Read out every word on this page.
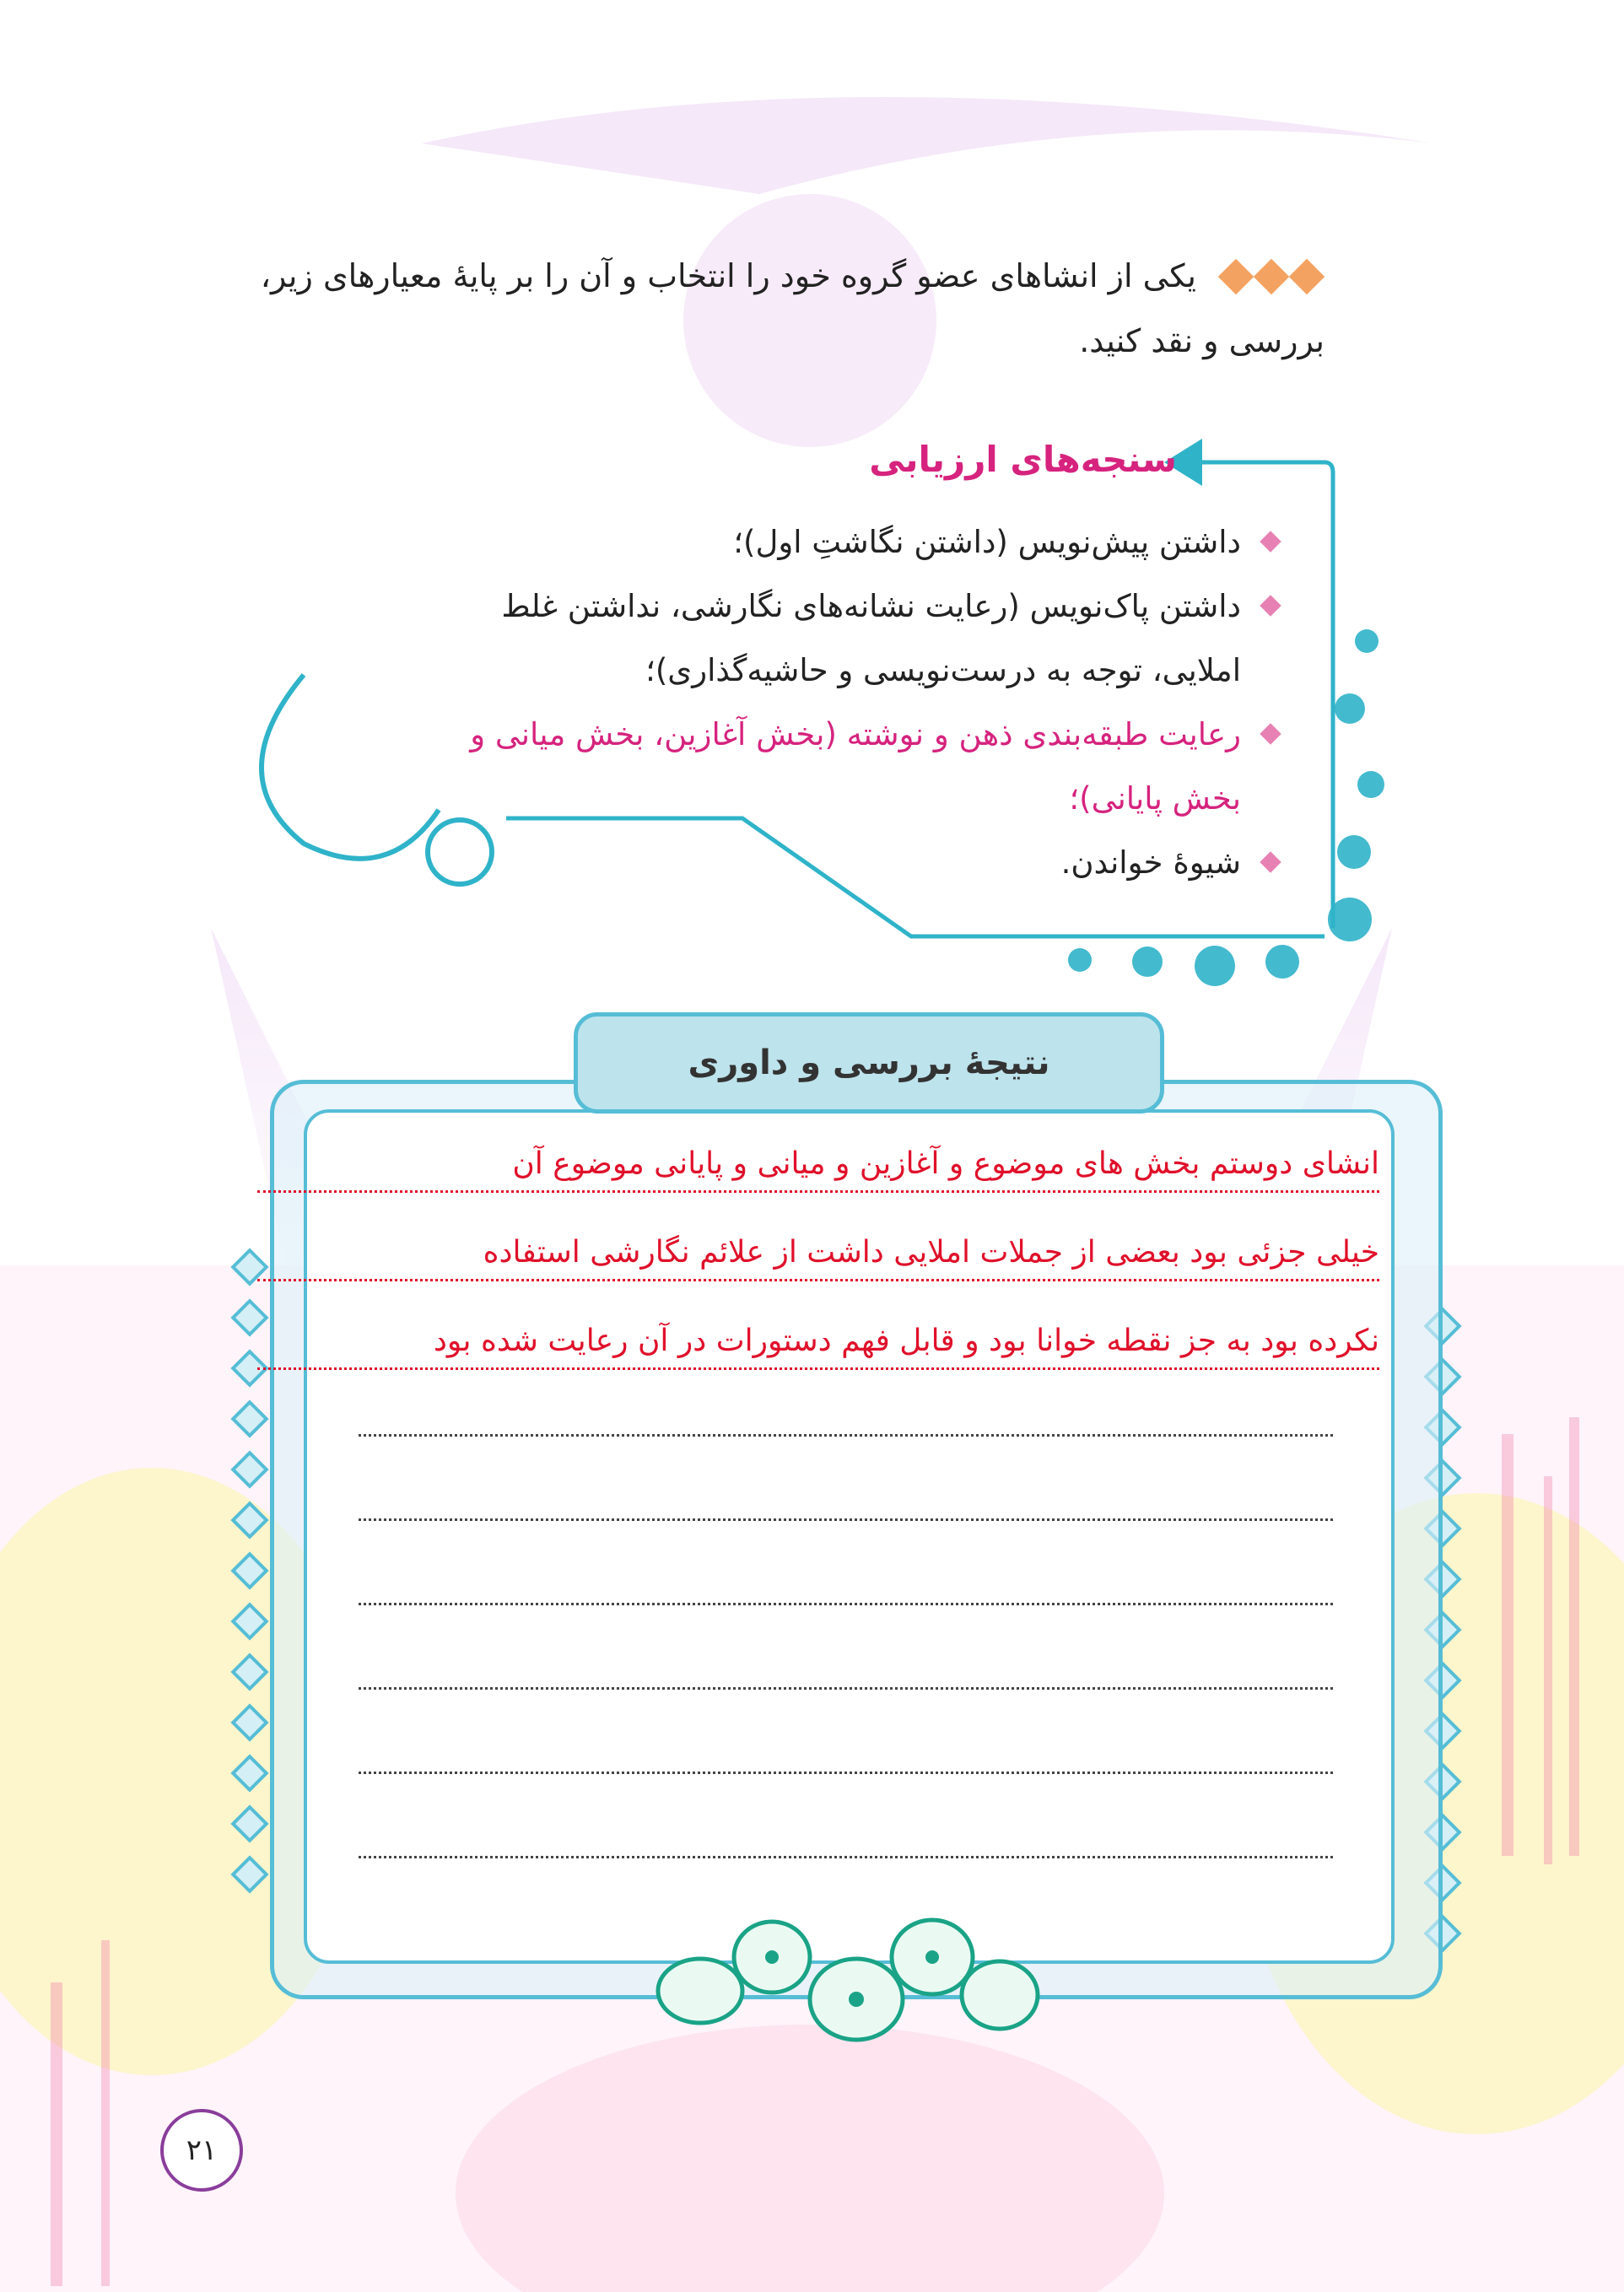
یکی از انشاهای عضو گروه خود را انتخاب و آن را بر پایهٔ معیارهای زیر، بررسی و نقد کنید.
سنجه‌های ارزیابی
داشتن پیش‌نویس (داشتن نگاشتِ اول)؛
داشتن پاک‌نویس (رعایت نشانه‌های نگارشی، نداشتن غلط املایی، توجه به درست‌نویسی و حاشیه‌گذاری)؛
رعایت طبقه‌بندی ذهن و نوشته (بخش آغازین، بخش میانی و بخش پایانی)؛
شیوهٔ خواندن.
نتیجهٔ بررسی و داوری
انشای دوستم بخش های موضوع و آغازین و میانی و پایانی موضوع آن
خیلی جزئی بود بعضی از جملات املایی داشت از علائم نگارشی استفاده
نکرده بود به جز نقطه خوانا بود و قابل فهم دستورات در آن رعایت شده بود
۲۱
